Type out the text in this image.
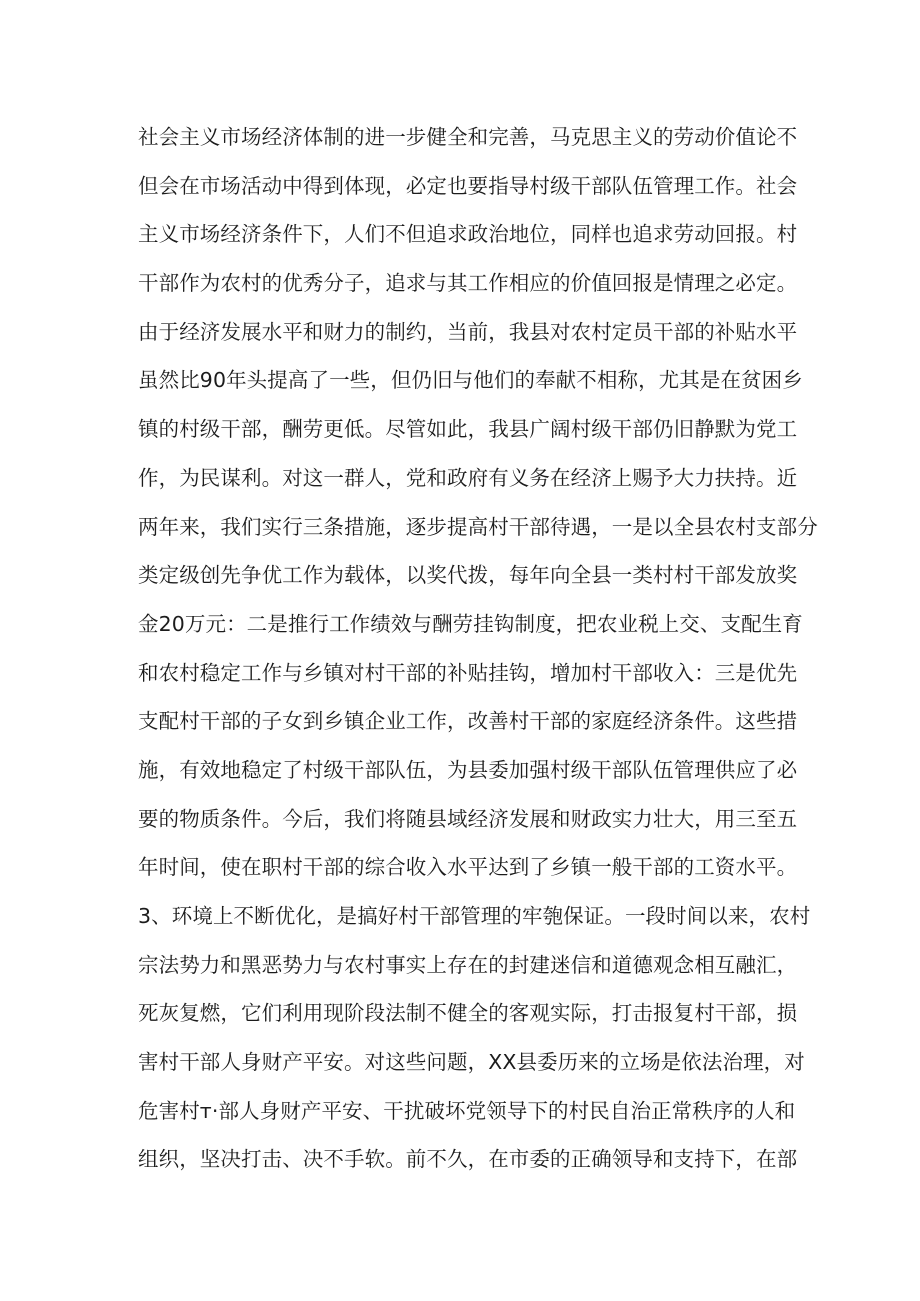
社会主义市场经济体制的进一步健全和完善，马克思主义的劳动价值论不
但会在市场活动中得到体现，必定也要指导村级干部队伍管理工作。社会
主义市场经济条件下，人们不但追求政治地位，同样也追求劳动回报。村
干部作为农村的优秀分子，追求与其工作相应的价值回报是情理之必定。
由于经济发展水平和财力的制约，当前，我县对农村定员干部的补贴水平
虽然比90年头提高了一些，但仍旧与他们的奉献不相称，尤其是在贫困乡
镇的村级干部，酬劳更低。尽管如此，我县广阔村级干部仍旧静默为党工
作，为民谋利。对这一群人，党和政府有义务在经济上赐予大力扶持。近
两年来，我们实行三条措施，逐步提高村干部待遇，一是以全县农村支部分
类定级创先争优工作为载体，以奖代拨，每年向全县一类村村干部发放奖
金20万元：二是推行工作绩效与酬劳挂钩制度，把农业税上交、支配生育
和农村稳定工作与乡镇对村干部的补贴挂钩，增加村干部收入：三是优先
支配村干部的子女到乡镇企业工作，改善村干部的家庭经济条件。这些措
施，有效地稳定了村级干部队伍，为县委加强村级干部队伍管理供应了必
要的物质条件。今后，我们将随县域经济发展和财政实力壮大，用三至五
年时间，使在职村干部的综合收入水平达到了乡镇一般干部的工资水平。
3、环境上不断优化，是搞好村干部管理的牢匏保证。一段时间以来，农村
宗法势力和黑恶势力与农村事实上存在的封建迷信和道德观念相互融汇，
死灰复燃，它们利用现阶段法制不健全的客观实际，打击报复村干部，损
害村干部人身财产平安。对这些问题，XX县委历来的立场是依法治理，对
危害村т·部人身财产平安、干扰破坏党领导下的村民自治正常秩序的人和
组织，坚决打击、决不手软。前不久，在市委的正确领导和支持下，在部
